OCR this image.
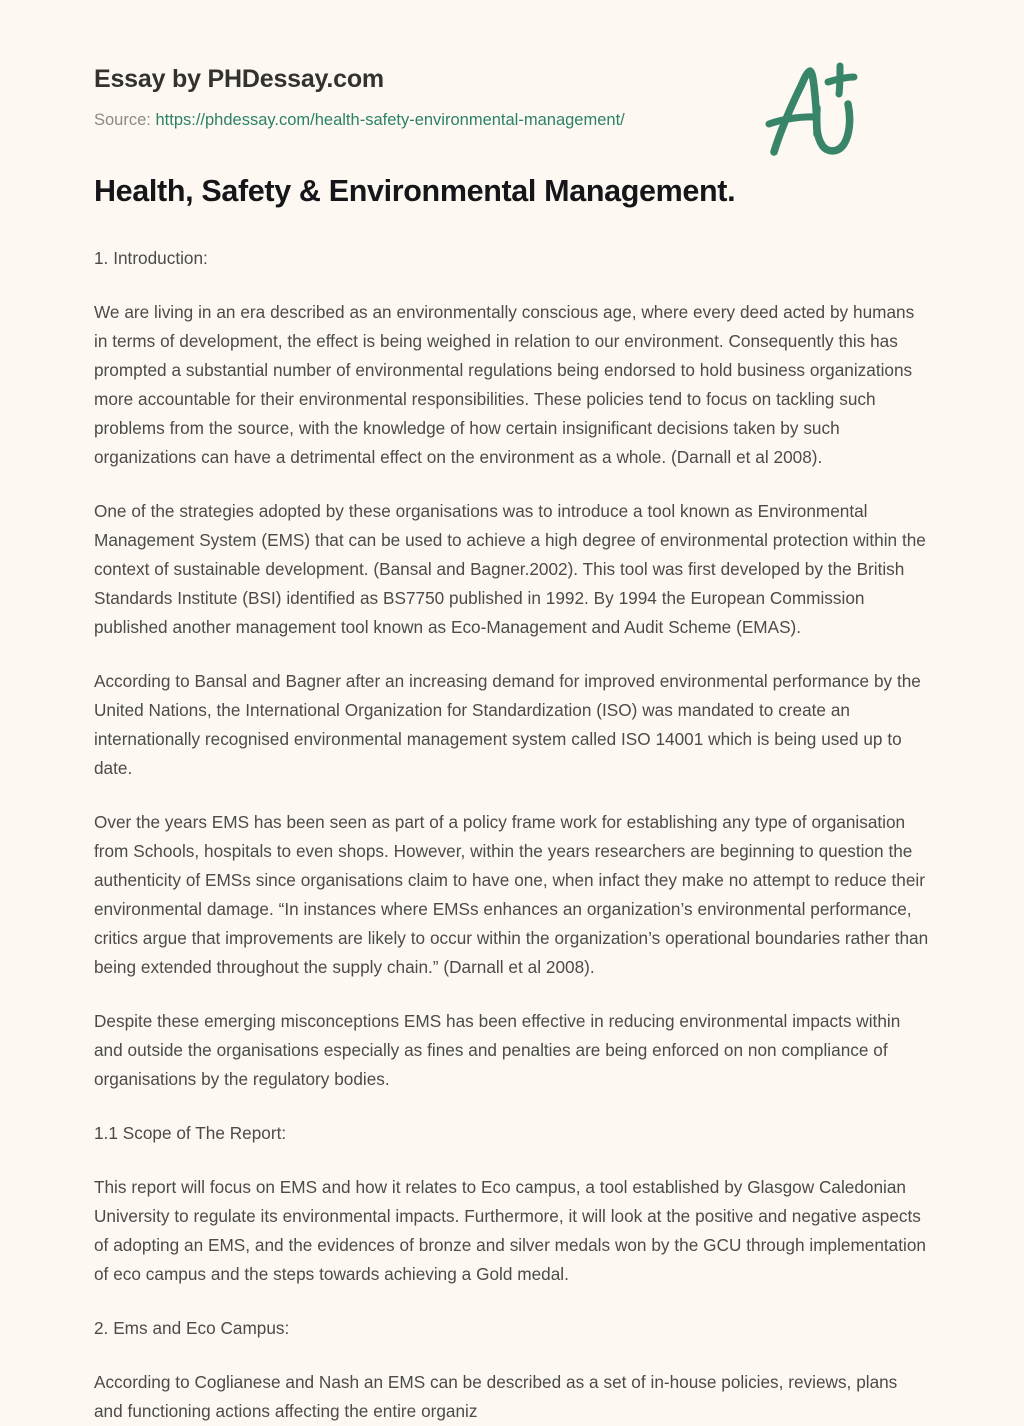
Essay by PHDessay.com
Source: https://phdessay.com/health-safety-environmental-management/
Health, Safety & Environmental Management.

1. Introduction:

We are living in an era described as an environmentally conscious age, where every deed acted by humans in terms of development, the effect is being weighed in relation to our environment. Consequently this has prompted a substantial number of environmental regulations being endorsed to hold business organizations more accountable for their environmental responsibilities. These policies tend to focus on tackling such problems from the source, with the knowledge of how certain insignificant decisions taken by such organizations can have a detrimental effect on the environment as a whole. (Darnall et al 2008).

One of the strategies adopted by these organisations was to introduce a tool known as Environmental Management System (EMS) that can be used to achieve a high degree of environmental protection within the context of sustainable development. (Bansal and Bagner.2002). This tool was first developed by the British Standards Institute (BSI) identified as BS7750 published in 1992. By 1994 the European Commission published another management tool known as Eco-Management and Audit Scheme (EMAS).

According to Bansal and Bagner after an increasing demand for improved environmental performance by the United Nations, the International Organization for Standardization (ISO) was mandated to create an internationally recognised environmental management system called ISO 14001 which is being used up to date.

Over the years EMS has been seen as part of a policy frame work for establishing any type of organisation from Schools, hospitals to even shops. However, within the years researchers are beginning to question the authenticity of EMSs since organisations claim to have one, when infact they make no attempt to reduce their environmental damage. “In instances where EMSs enhances an organization’s environmental performance, critics argue that improvements are likely to occur within the organization’s operational boundaries rather than being extended throughout the supply chain.” (Darnall et al 2008).

Despite these emerging misconceptions EMS has been effective in reducing environmental impacts within and outside the organisations especially as fines and penalties are being enforced on non compliance of organisations by the regulatory bodies.

1.1 Scope of The Report:

This report will focus on EMS and how it relates to Eco campus, a tool established by Glasgow Caledonian University to regulate its environmental impacts. Furthermore, it will look at the positive and negative aspects of adopting an EMS, and the evidences of bronze and silver medals won by the GCU through implementation of eco campus and the steps towards achieving a Gold medal.

2. Ems and Eco Campus:

According to Coglianese and Nash an EMS can be described as a set of in-house policies, reviews, plans and functioning actions affecting the entire organiz
